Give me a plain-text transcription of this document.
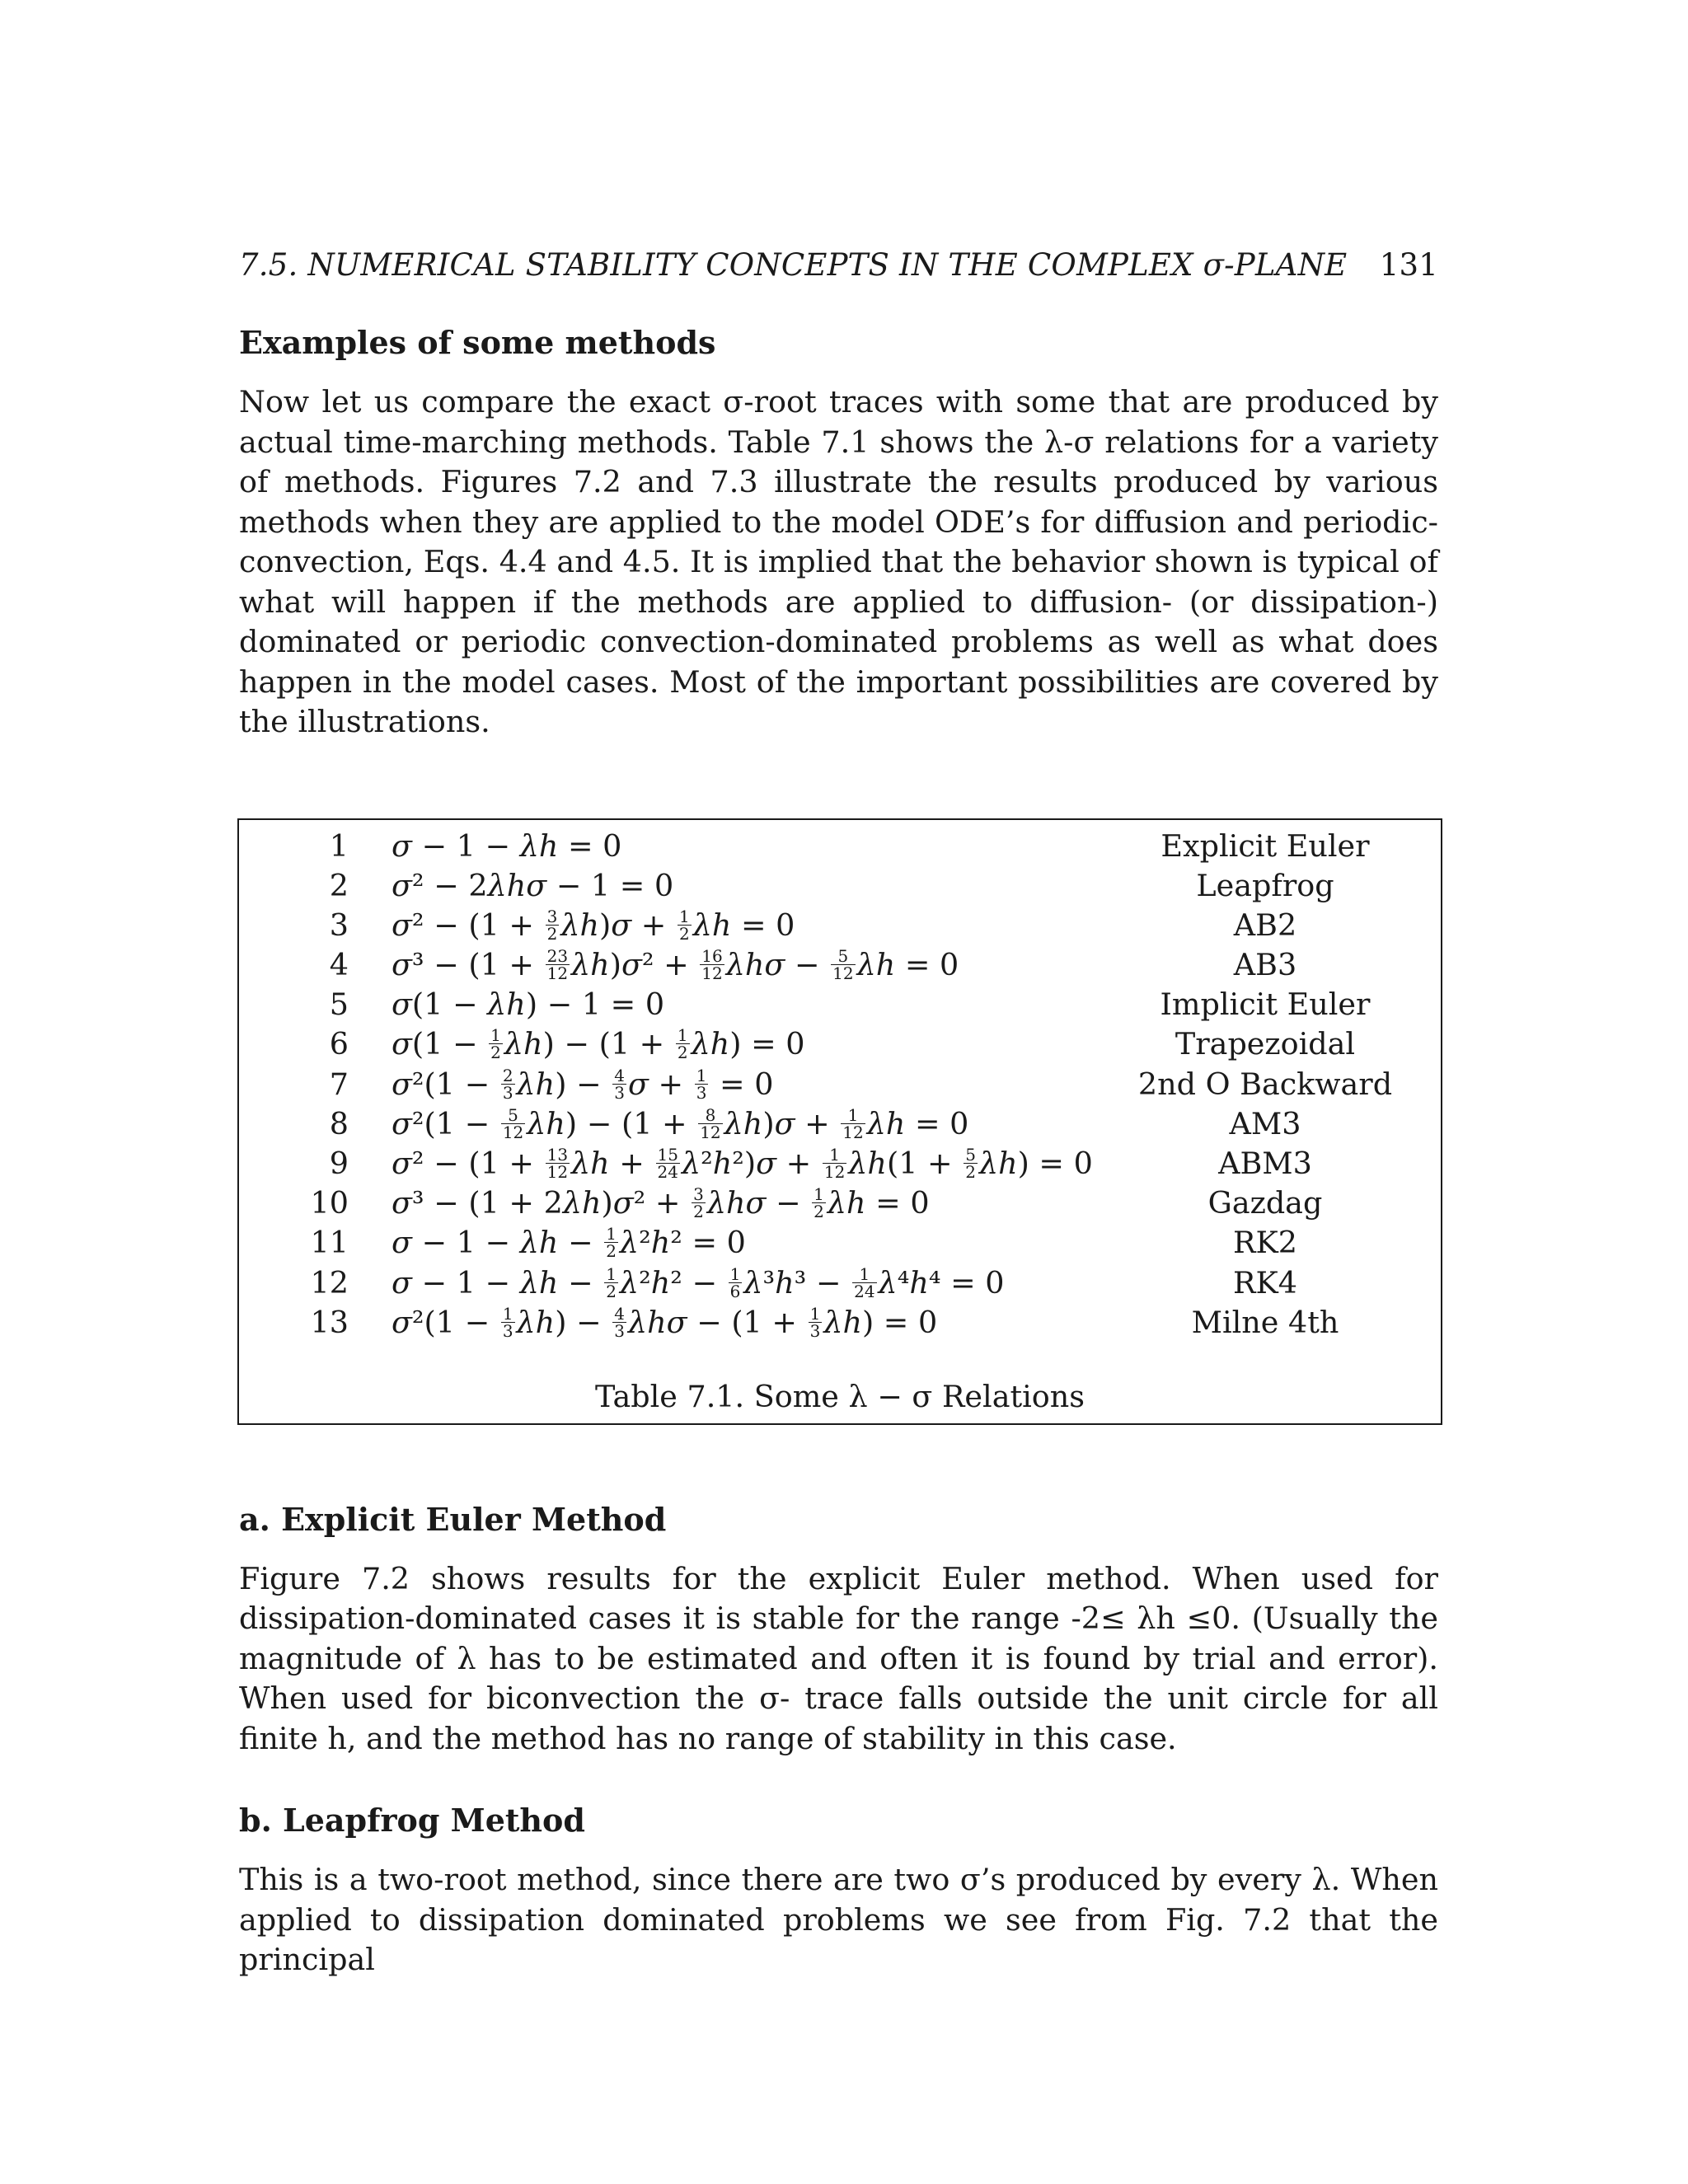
7.5. NUMERICAL STABILITY CONCEPTS IN THE COMPLEX σ-PLANE 131
Examples of some methods

Now let us compare the exact σ-root traces with some that are produced by actual time-marching methods. Table 7.1 shows the λ-σ relations for a variety of methods. Figures 7.2 and 7.3 illustrate the results produced by various methods when they are applied to the model ODE’s for diffusion and periodic-convection, Eqs. 4.4 and 4.5. It is implied that the behavior shown is typical of what will happen if the methods are applied to diffusion- (or dissipation-) dominated or periodic convection-dominated problems as well as what does happen in the model cases. Most of the important possibilities are covered by the illustrations.

1 σ − 1 − λh = 0	Explicit Euler
2 σ² − 2λhσ − 1 = 0	Leapfrog
3 $\sigma^2 - (1 + \frac{3}{2} \lambda h)\sigma + \frac{1}{2}$ λh = 0	AB2
4 $\sigma^3 - (1 + \frac{23}{12} \lambda h)\sigma^2 + \frac{16}{12}$ $\lambda h\sigma - \frac{5}{12}$ λh = 0	AB3
5 σ(1 − λh) − 1 = 0	Implicit Euler
6 $\sigma(1 - \frac{1}{2} \lambda h) - (1 + \frac{1}{2} \lambda h) = 0$	Trapezoidal
7 $\sigma^2(1 - \frac{2}{3} \lambda h) - \frac{4}{3}$ $\sigma + \frac{1}{3} = 0$	2nd O Backward
8 $\sigma^2(1 - \frac{5}{12} \lambda h) - (1 + \frac{8}{12} \lambda h)\sigma + \frac{1}{12}$ λh = 0	AM3
9 $\sigma^2 - (1 + \frac{13}{12}$ $\lambda h + \frac{15}{24} \lambda^2h^2)\sigma + \frac{1}{12} \lambda h(1 + \frac{5}{2} \lambda h) = 0$	ABM3
10 $\sigma^3 - (1 + 2\lambda h)\sigma^2 + \frac{3}{2}$ $\lambda h\sigma - \frac{1}{2}$ λh = 0	Gazdag
11 $\sigma - 1 - \lambda h - \frac{1}{2} \lambda^2h^2 = 0$	RK2
12 $\sigma - 1 - \lambda h - \frac{1}{2} \lambda^2h^2 - \frac{1}{6} \lambda^3h^3 - \frac{1}{24} \lambda^4h^4 = 0$	RK4
13 $\sigma^2(1 - \frac{1}{3} \lambda h) - \frac{4}{3}$ $\lambda h\sigma - (1 + \frac{1}{3} \lambda h) = 0$	Milne 4th
Table 7.1. Some λ − σ Relations
a. Explicit Euler Method

Figure 7.2 shows results for the explicit Euler method. When used for dissipation-dominated cases it is stable for the range -2≤ λh ≤0. (Usually the magnitude of λ has to be estimated and often it is found by trial and error). When used for biconvection the σ- trace falls outside the unit circle for all finite h, and the method has no range of stability in this case.

b. Leapfrog Method

This is a two-root method, since there are two σ’s produced by every λ. When applied to dissipation dominated problems we see from Fig. 7.2 that the principal
